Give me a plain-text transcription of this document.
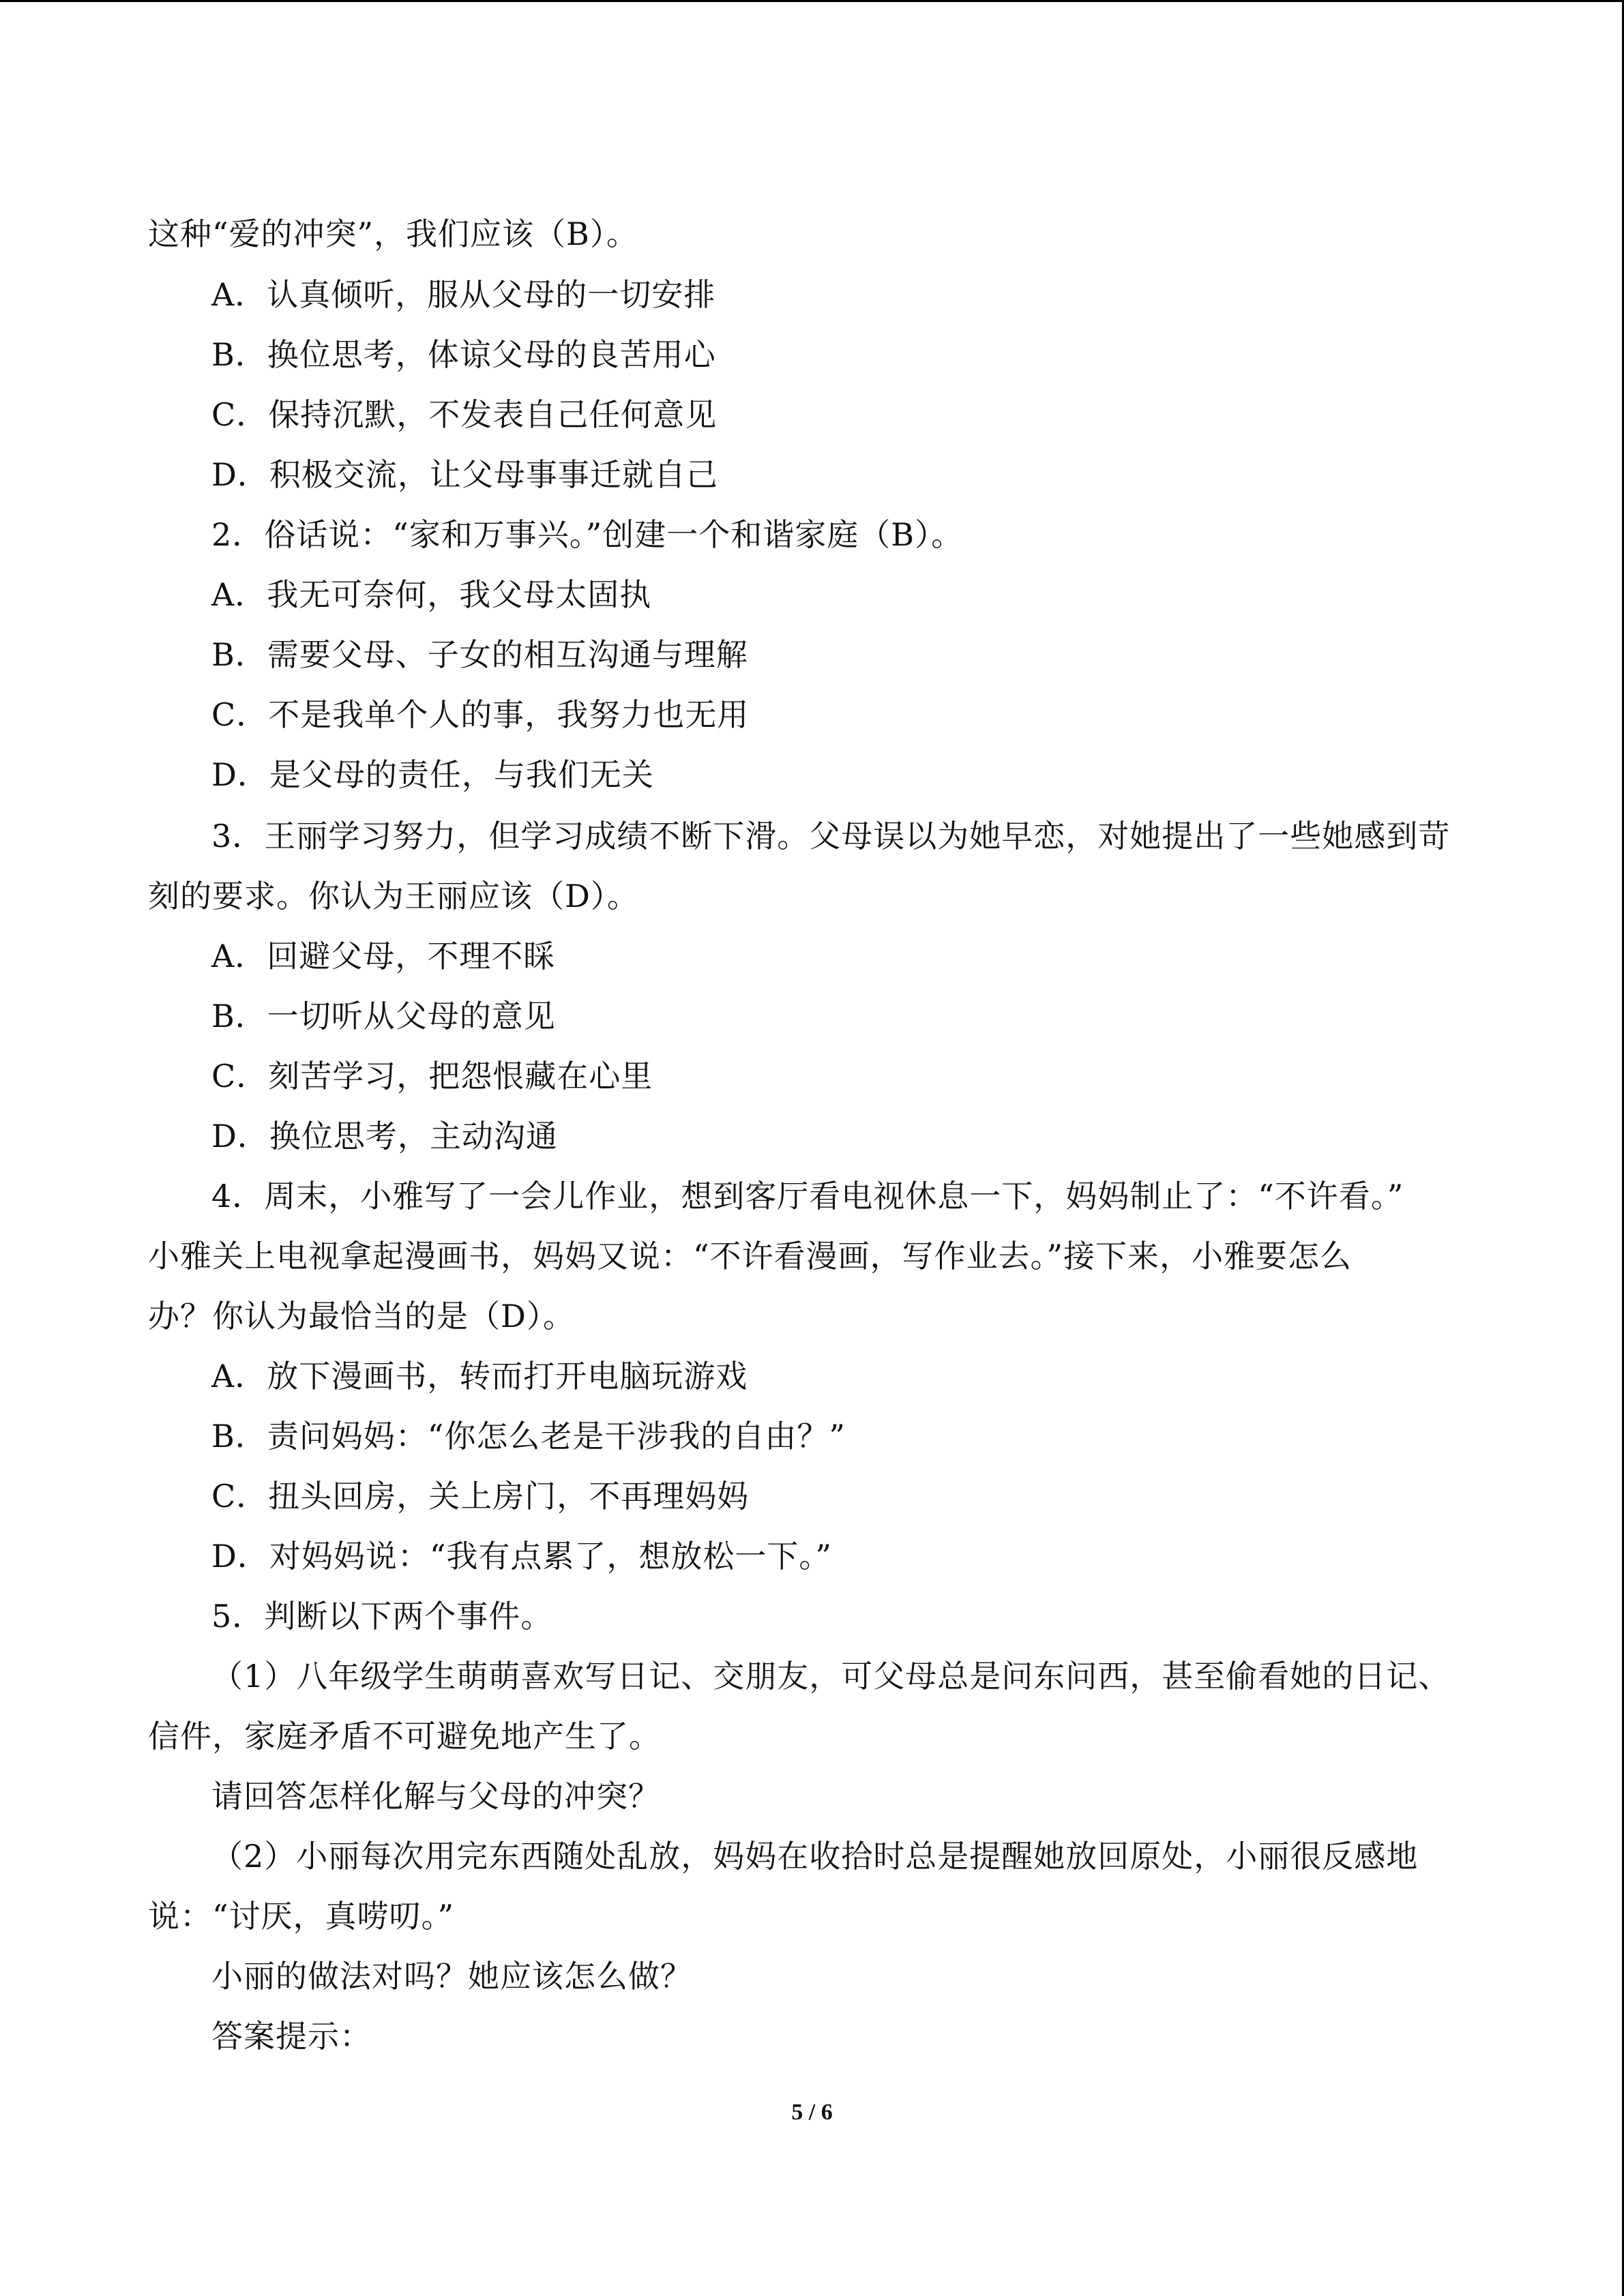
这种“爱的冲突”，我们应该（B）。
A．认真倾听，服从父母的一切安排
B．换位思考，体谅父母的良苦用心
C．保持沉默，不发表自己任何意见
D．积极交流，让父母事事迁就自己
2．俗话说：“家和万事兴。”创建一个和谐家庭（B）。
A．我无可奈何，我父母太固执
B．需要父母、子女的相互沟通与理解
C．不是我单个人的事，我努力也无用
D．是父母的责任，与我们无关
3．王丽学习努力，但学习成绩不断下滑。父母误以为她早恋，对她提出了一些她感到苛
刻的要求。你认为王丽应该（D）。
A．回避父母，不理不睬
B．一切听从父母的意见
C．刻苦学习，把怨恨藏在心里
D．换位思考，主动沟通
4．周末，小雅写了一会儿作业，想到客厅看电视休息一下，妈妈制止了：“不许看。”
小雅关上电视拿起漫画书，妈妈又说：“不许看漫画，写作业去。”接下来，小雅要怎么
办？你认为最恰当的是（D）。
A．放下漫画书，转而打开电脑玩游戏
B．责问妈妈：“你怎么老是干涉我的自由？”
C．扭头回房，关上房门，不再理妈妈
D．对妈妈说：“我有点累了，想放松一下。”
5．判断以下两个事件。
（1）八年级学生萌萌喜欢写日记、交朋友，可父母总是问东问西，甚至偷看她的日记、
信件，家庭矛盾不可避免地产生了。
请回答怎样化解与父母的冲突？
（2）小丽每次用完东西随处乱放，妈妈在收拾时总是提醒她放回原处，小丽很反感地
说：“讨厌，真唠叨。”
小丽的做法对吗？她应该怎么做？
答案提示：
5 / 6
